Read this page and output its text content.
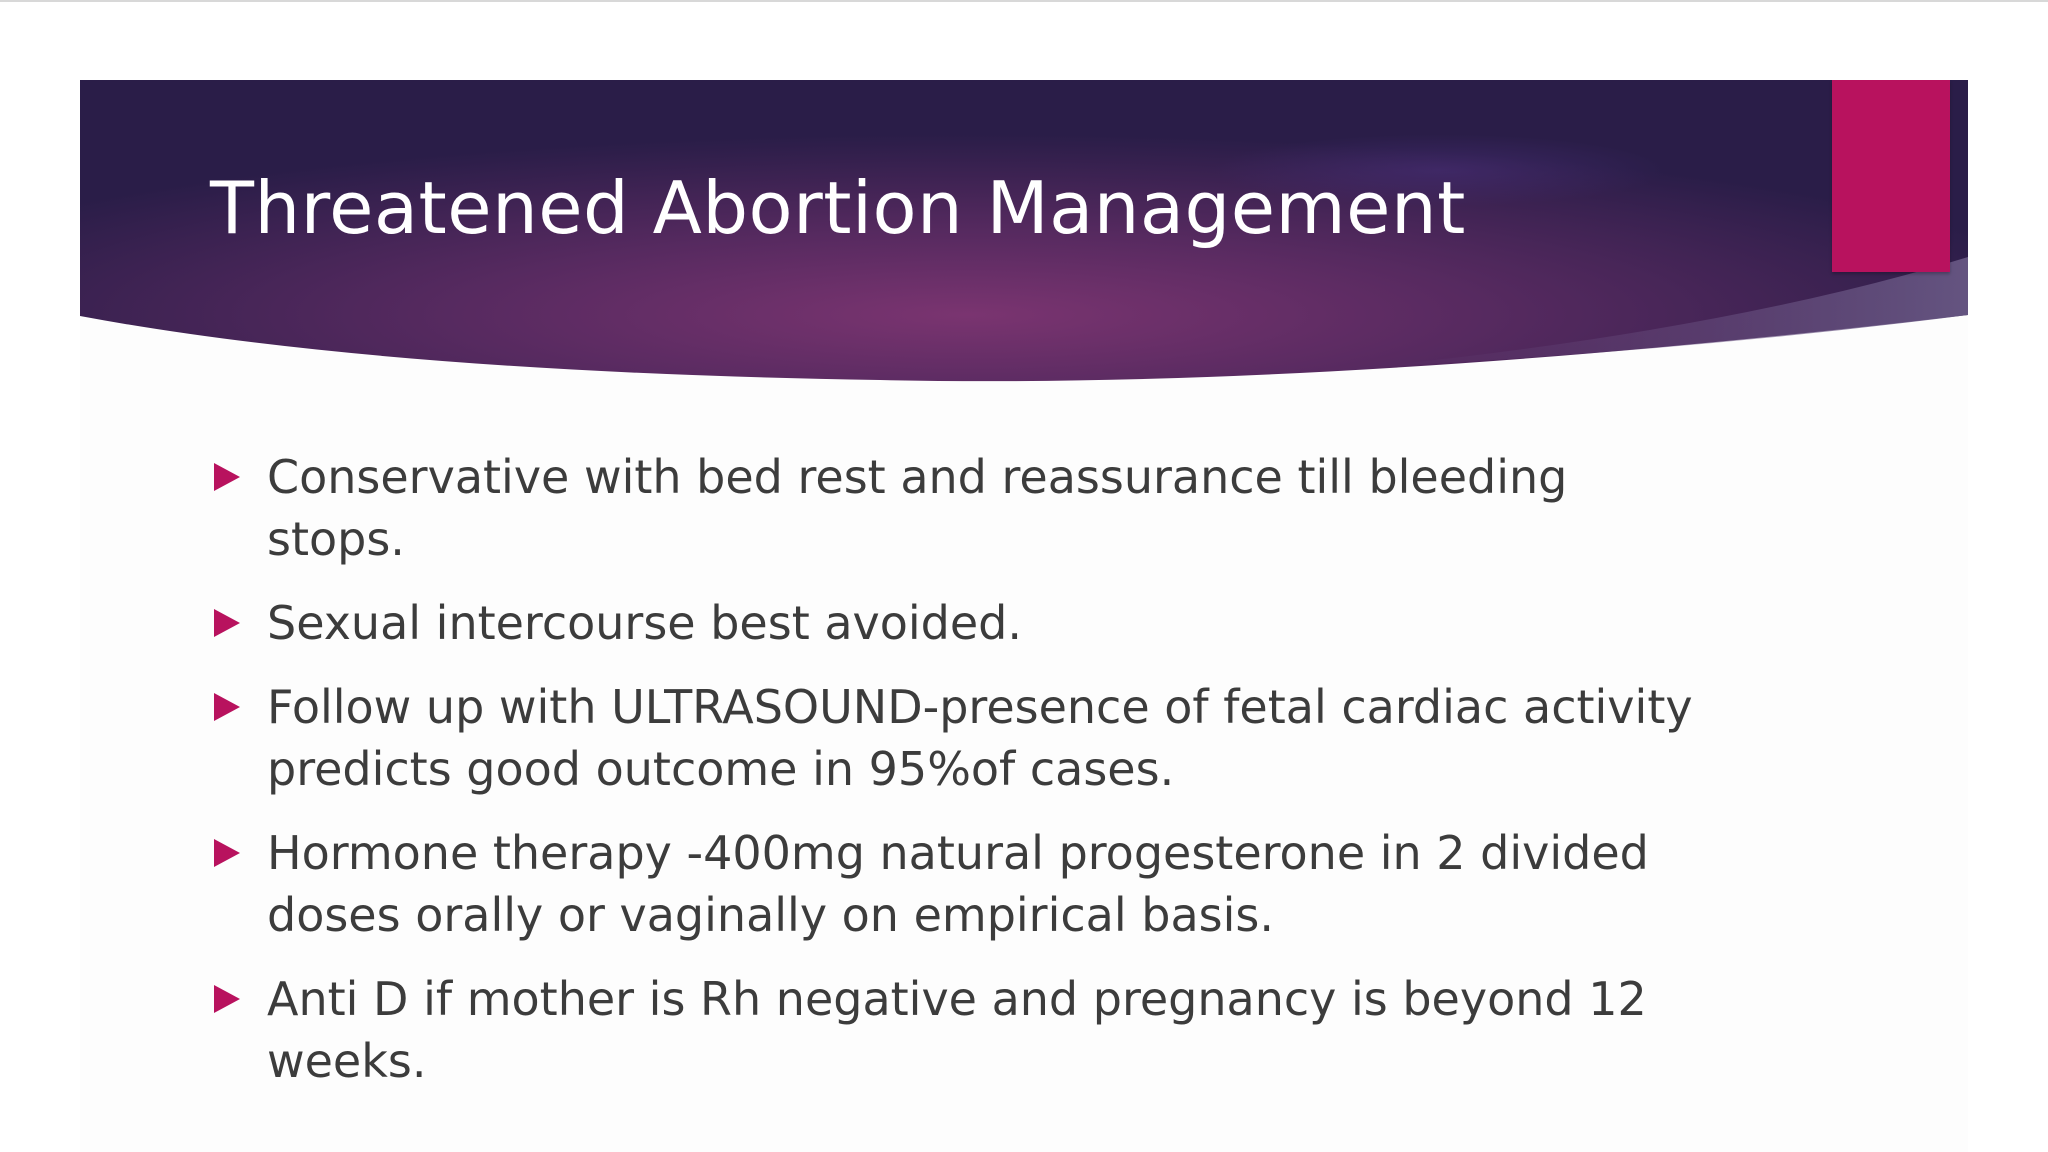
Threatened Abortion Management
Conservative with bed rest and reassurance till bleeding stops.
Sexual intercourse best avoided.
Follow up with ULTRASOUND-presence of fetal cardiac activity predicts good outcome in 95%of cases.
Hormone therapy -400mg natural progesterone in 2 divided doses orally or vaginally on empirical basis.
Anti D if mother is Rh negative and pregnancy is beyond 12 weeks.
